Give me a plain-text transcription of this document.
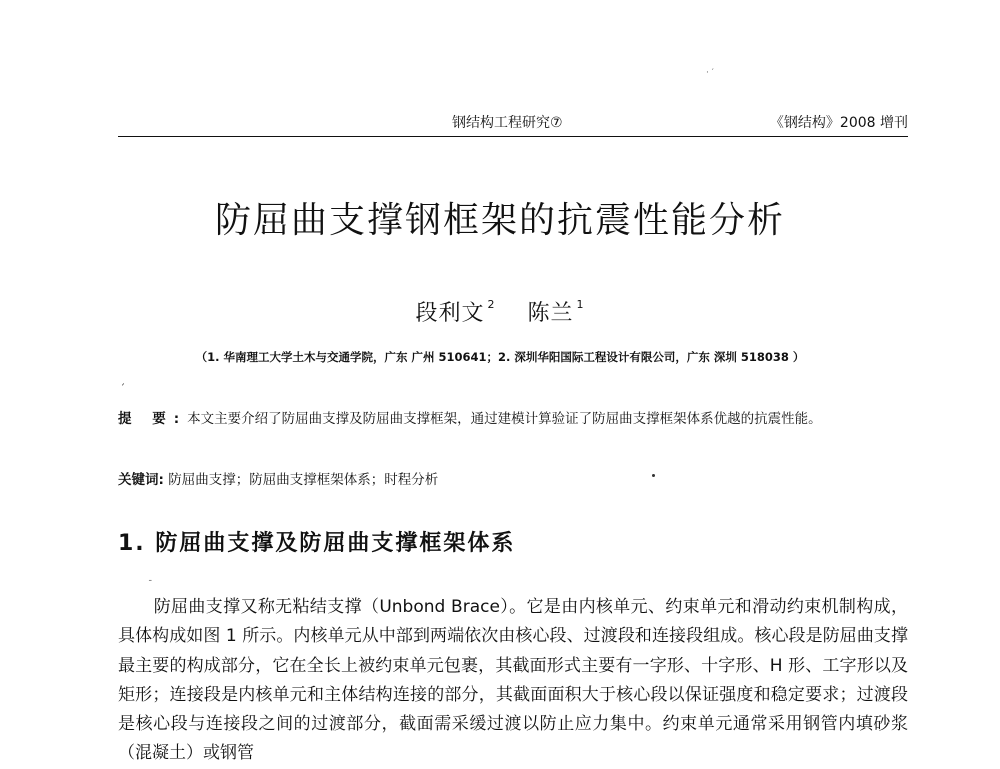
· ′
钢结构工程研究⑦	《钢结构》2008 增刊
防屈曲支撑钢框架的抗震性能分析
段利文 $^2$ 陈兰 $^1$
（1. 华南理工大学土木与交通学院，广东 广州 510641；2. 深圳华阳国际工程设计有限公司，广东 深圳 518038 ）
ˊ
提 要:本文主要介绍了防屈曲支撑及防屈曲支撑框架，通过建模计算验证了防屈曲支撑框架体系优越的抗震性能。
关键词: 防屈曲支撑；防屈曲支撑框架体系；时程分析
1. 防屈曲支撑及防屈曲支撑框架体系
ˉ

防屈曲支撑又称无粘结支撑（Unbond Brace）。它是由内核单元、约束单元和滑动约束机制构成，具体构成如图 1 所示。内核单元从中部到两端依次由核心段、过渡段和连接段组成。核心段是防屈曲支撑最主要的构成部分，它在全长上被约束单元包裹，其截面形式主要有一字形、十字形、H 形、工字形以及矩形；连接段是内核单元和主体结构连接的部分，其截面面积大于核心段以保证强度和稳定要求；过渡段是核心段与连接段之间的过渡部分，截面需采缓过渡以防止应力集中。约束单元通常采用钢管内填砂浆（混凝土）或钢管
